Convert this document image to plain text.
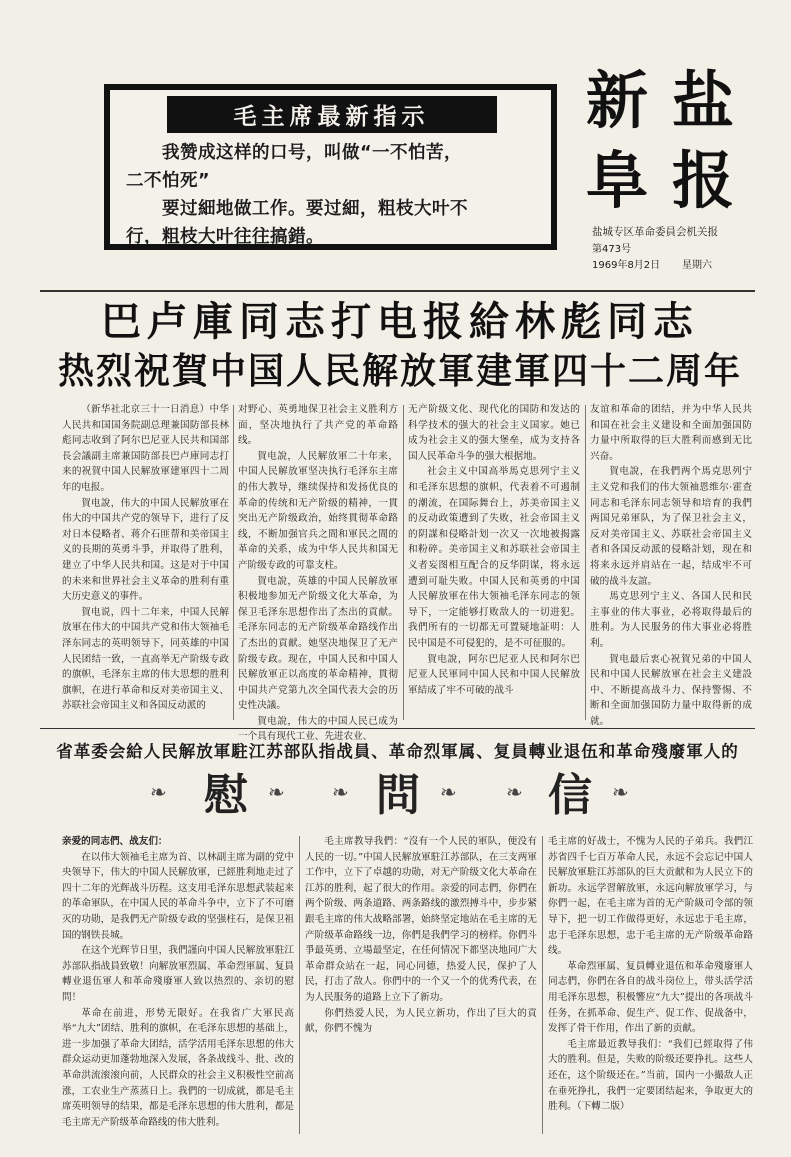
毛主席最新指示
　　我赞成这样的口号，叫做“一不怕苦，
二不怕死”
　　要过細地做工作。要过細，粗枝大叶不
行，粗枝大叶往往搞錯。
新 盐
阜 报
盐城专区革命委員会机关报
第473号
1969年8月2日 星期六
巴卢庫同志打电报給林彪同志
热烈祝賀中国人民解放軍建軍四十二周年

（新华社北京三十一日消息）中华人民共和国国务院副总理兼国防部長林彪同志收到了阿尔巴尼亚人民共和国部長会議副主席兼国防部長巴卢庫同志打来的祝賀中国人民解放軍建軍四十二周年的电报。

賀电說，伟大的中国人民解放軍在伟大的中国共产党的领导下，进行了反对日本侵略者、蒋介石匪帮和美帝国主义的長期的英勇斗爭，并取得了胜利，建立了中华人民共和国。这是对于中国的未来和世界社会主义革命的胜利有重大历史意义的事件。

賀电说，四十二年来，中国人民解放軍在伟大的中国共产党和伟大领袖毛泽东同志的英明领导下，同英雄的中国人民团结一致，一直高举无产阶级专政的旗帜，毛泽东主席的伟大思想的胜利旗帜，在进行革命和反对美帝国主义、苏联社会帝国主义和各国反动派的

对野心、英勇地保卫社会主义胜利方面，坚决地执行了共产党的革命路线。

賀电說，人民解放軍二十年来，中国人民解放軍坚决执行毛泽东主席的伟大教导，继续保持和发扬优良的革命的传统和无产阶级的精神，一貫突出无产阶级政治，始终貫彻革命路线，不断加强官兵之間和軍民之間的革命的关系，成为中华人民共和国无产阶级专政的可靠支柱。

賀电說，英雄的中国人民解放軍积极地参加无产阶级文化大革命，为保卫毛泽东思想作出了杰出的貢献。毛泽东同志的无产阶级革命路线作出了杰出的貢献。她坚决地保卫了无产阶级专政。现在，中国人民和中国人民解放軍正以高度的革命精神，貫彻中国共产党第九次全国代表大会的历史性决議。

賀电說，伟大的中国人民已成为一个具有现代工业、先进农业、

无产阶级文化、现代化的国防和发达的科学技术的强大的社会主义国家。她已成为社会主义的强大堡垒，成为支持各国人民革命斗争的强大根据地。

社会主义中国高举馬克思列宁主义和毛泽东思想的旗帜，代表着不可遏制的潮流，在国际舞台上，苏美帝国主义的反动政策遭到了失败，社会帝国主义的阴謀和侵略計划一次又一次地被揭露和粉碎。美帝国主义和苏联社会帝国主义者妄图相互配合的反华阴谋，将永远遭到可耻失败。中国人民和英勇的中国人民解放軍在伟大领袖毛泽东同志的领导下，一定能够打败敌人的一切进犯。我們所有的一切都无可置疑地証明：人民中国是不可侵犯的，是不可征服的。

賀电說，阿尔巴尼亚人民和阿尔巴尼亚人民軍同中国人民和中国人民解放軍結成了牢不可破的战斗

友谊和革命的团结，并为中华人民共和国在社会主义建设和全面加强国防力量中所取得的巨大胜利而感到无比兴奋。

賀电說，在我們两个馬克思列宁主义党和我们的伟大领袖恩维尔·霍查同志和毛泽东同志领导和培育的我們两国兄弟軍队，为了保卫社会主义，反对美帝国主义、苏联社会帝国主义者和各国反动派的侵略計划，现在和将来永远并肩站在一起，结成牢不可破的战斗友誼。

馬克思列宁主义、各国人民和民主事业的伟大事业，必将取得最后的胜利。为人民服务的伟大事业必将胜利。

賀电最后衷心祝賀兄弟的中国人民和中国人民解放軍在社会主义建設中、不断提高战斗力、保持警惕、不断和全面加强国防力量中取得新的成就。

省革委会給人民解放軍駐江苏部队指战員、革命烈軍属、复員轉业退伍和革命殘廢軍人的
❧ 慰	❧ ❧ 問	❧ ❧ 信	❧

亲爱的同志們、战友们：

在以伟大领袖毛主席为首、以林副主席为副的党中央领导下，伟大的中国人民解放軍，已經胜利地走过了四十二年的光辉战斗历程。这支用毛泽东思想武装起来的革命軍队，在中国人民的革命斗争中，立下了不可磨灭的功勋，是我們无产阶级专政的坚强柱石，是保卫祖国的钢铁長城。

在这个光辉节日里，我們謹向中国人民解放軍駐江苏部队指战員致敬！向解放軍烈属、革命烈軍属、复員轉业退伍軍人和革命殘廢軍人致以热烈的、亲切的慰問！

革命在前进，形势无限好。在我省广大軍民高举“九大”团结、胜利的旗帜，在毛泽东思想的基础上，进一步加强了革命大团结，活学活用毛泽东思想的伟大群众运动更加蓬勃地深入发展，各条战线斗、批、改的革命洪流滚滚向前，人民群众的社会主义积极性空前高涨，工农业生产蒸蒸日上。我們的一切成就，都是毛主席英明领导的结果，都是毛泽东思想的伟大胜利，都是毛主席无产阶级革命路线的伟大胜利。

毛主席教导我們：“沒有一个人民的軍队，便没有人民的一切。”中国人民解放軍駐江苏部队，在三支两軍工作中，立下了卓越的功勋，对无产阶级文化大革命在江苏的胜利，起了很大的作用。亲爱的同志們，你們在两个阶级、两条道路、两条路线的激烈搏斗中，步步紧跟毛主席的伟大战略部署，始終坚定地站在毛主席的无产阶级革命路线一边，你們是我們学习的榜样。你們斗爭最英勇、立場最坚定，在任何情况下都坚决地同广大革命群众站在一起，同心同德，热爱人民，保护了人民，打击了敌人。你們中的一个又一个的优秀代表，在为人民服务的道路上立下了新功。

你們热爱人民，为人民立新功，作出了巨大的貢献，你們不愧为

毛主席的好战士，不愧为人民的子弟兵。我們江苏省四千七百万革命人民，永远不会忘记中国人民解放軍駐江苏部队的巨大贡献和为人民立下的新功。永远学習解放軍，永远向解放軍学习，与你們一起，在毛主席为首的无产阶級司令部的领导下，把一切工作做得更好，永远忠于毛主席，忠于毛泽东思想，忠于毛主席的无产阶级革命路线。

革命烈軍属、复員轉业退伍和革命殘廢軍人同志們，你們在各自的战斗岗位上，带头活学活用毛泽东思想，积极響应“九大”提出的各项战斗任务，在抓革命、促生产、促工作、促战备中，发挥了骨干作用，作出了新的贡献。

毛主席最近教导我们：“我们已經取得了伟大的胜利。但是，失败的阶级还要挣扎。这些人还在，这个阶级还在。”当前，国内一小撮敌人正在垂死挣扎，我們一定要团结起来，争取更大的胜利。（下轉二版）
